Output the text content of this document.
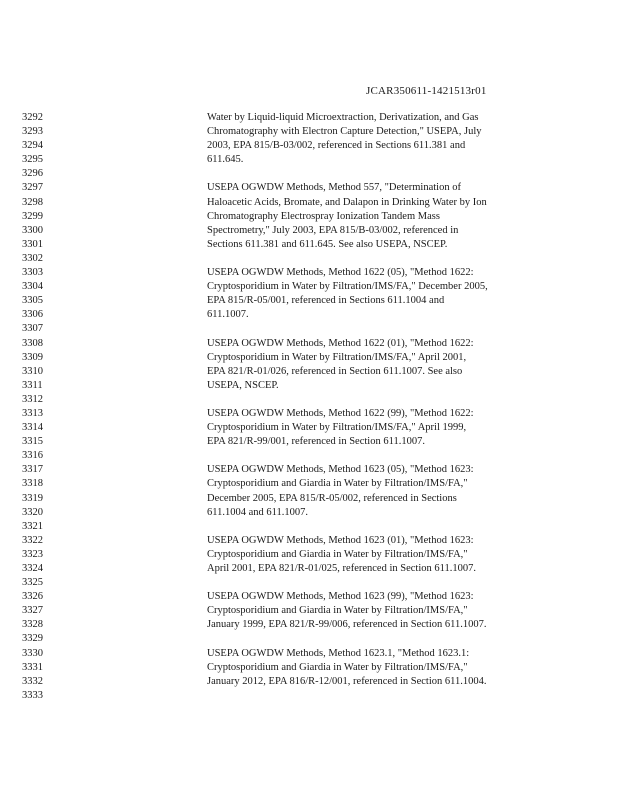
JCAR350611-1421513r01
3292
3293
3294
3295
3296
3297
3298
3299
3300
3301
3302
3303
3304
3305
3306
3307
3308
3309
3310
3311
3312
3313
3314
3315
3316
3317
3318
3319
3320
3321
3322
3323
3324
3325
3326
3327
3328
3329
3330
3331
3332
3333
Water by Liquid-liquid Microextraction, Derivatization, and Gas
Chromatography with Electron Capture Detection," USEPA, July
2003, EPA 815/B-03/002, referenced in Sections 611.381 and
611.645.
USEPA OGWDW Methods, Method 557, "Determination of
Haloacetic Acids, Bromate, and Dalapon in Drinking Water by Ion
Chromatography Electrospray Ionization Tandem Mass
Spectrometry," July 2003, EPA 815/B-03/002, referenced in
Sections 611.381 and 611.645. See also USEPA, NSCEP.
USEPA OGWDW Methods, Method 1622 (05), "Method 1622:
Cryptosporidium in Water by Filtration/IMS/FA," December 2005,
EPA 815/R-05/001, referenced in Sections 611.1004 and
611.1007.
USEPA OGWDW Methods, Method 1622 (01), "Method 1622:
Cryptosporidium in Water by Filtration/IMS/FA," April 2001,
EPA 821/R-01/026, referenced in Section 611.1007. See also
USEPA, NSCEP.
USEPA OGWDW Methods, Method 1622 (99), "Method 1622:
Cryptosporidium in Water by Filtration/IMS/FA," April 1999,
EPA 821/R-99/001, referenced in Section 611.1007.
USEPA OGWDW Methods, Method 1623 (05), "Method 1623:
Cryptosporidium and Giardia in Water by Filtration/IMS/FA,"
December 2005, EPA 815/R-05/002, referenced in Sections
611.1004 and 611.1007.
USEPA OGWDW Methods, Method 1623 (01), "Method 1623:
Cryptosporidium and Giardia in Water by Filtration/IMS/FA,"
April 2001, EPA 821/R-01/025, referenced in Section 611.1007.
USEPA OGWDW Methods, Method 1623 (99), "Method 1623:
Cryptosporidium and Giardia in Water by Filtration/IMS/FA,"
January 1999, EPA 821/R-99/006, referenced in Section 611.1007.
USEPA OGWDW Methods, Method 1623.1, "Method 1623.1:
Cryptosporidium and Giardia in Water by Filtration/IMS/FA,"
January 2012, EPA 816/R-12/001, referenced in Section 611.1004.
